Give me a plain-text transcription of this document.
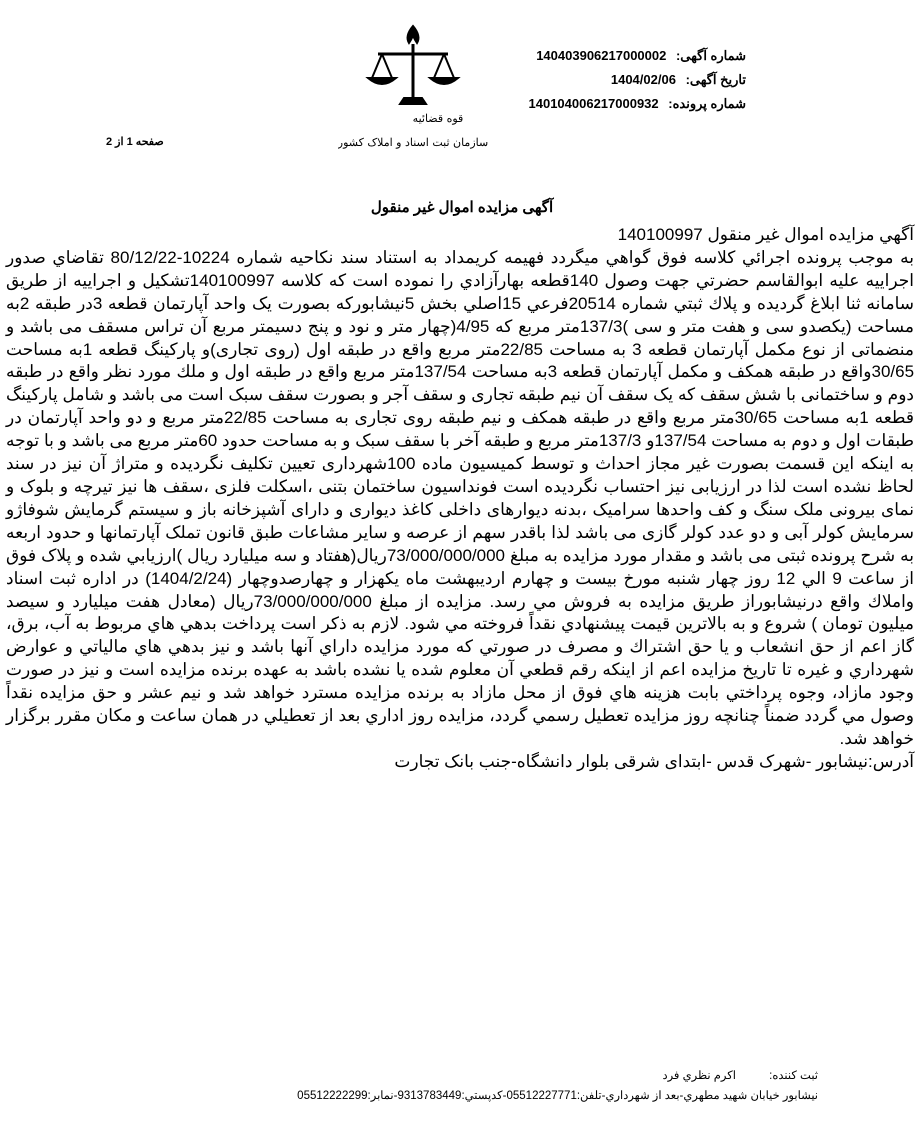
شماره آگهی: 140403906217000002
تاریخ آگهی: 1404/02/06
شماره پرونده: 140104006217000932
قوه قضائیه
سازمان ثبت اسناد و املاک کشور
صفحه 1 از 2
آگهی مزایده اموال غیر منقول

آگهي مزايده اموال غير منقول 140100997

به موجب پرونده اجرائي كلاسه فوق گواهي ميگردد فهيمه كريمداد به استناد سند نكاحيه شماره 10224-80/12/22 تقاضاي صدور اجراييه عليه ابوالقاسم حضرتي جهت وصول 140قطعه بهارآزادي را نموده است كه كلاسه 140100997تشكيل و اجراييه از طريق سامانه ثنا ابلاغ گرديده و پلاك ثبتي شماره 20514فرعي 15اصلي بخش 5نيشابوركه بصورت يک واحد آپارتمان قطعه 3در طبقه 2به مساحت (يكصدو سى و هفت متر و سى )137/3متر مربع که 4/95(چهار متر و نود و پنج دسيمتر مربع آن تراس مسقف می باشد و منضماتی از نوع مکمل آپارتمان قطعه 3 به مساحت 22/85متر مربع واقع در طبقه اول (روی تجاری)و پارکینگ قطعه 1به مساحت 30/65واقع در طبقه همکف و مکمل آپارتمان قطعه 3به مساحت 137/54متر مربع واقع در طبقه اول و ملك مورد نظر واقع در طبقه دوم و ساختمانی با شش سقف كه يک سقف آن نيم طبقه تجاری و سقف آجر و بصورت سقف سبک است می باشد و شامل پارکینگ قطعه 1به مساحت 30/65متر مربع واقع در طبقه همکف و نيم طبقه روی تجاری به مساحت 22/85متر مربع و دو واحد آپارتمان در طبقات اول و دوم به مساحت 137/54و 137/3متر مربع و طبقه آخر با سقف سبک و به مساحت حدود 60متر مربع می باشد و با توجه به اینکه این قسمت بصورت غير مجاز احداث و توسط كميسيون ماده 100شهرداری تعیین تکلیف نگرديده و متراژ آن نيز در سند لحاظ نشده است لذا در ارزيابی نيز احتساب نگرديده است فونداسيون ساختمان بتنی ،اسكلت فلزی ،سقف ها نيز تيرچه و بلوک و نمای بيرونی ملک سنگ و كف واحدها سراميک ،بدنه ديوارهای داخلی كاغذ ديواری و دارای آشپزخانه باز و سيستم گرمايش شوفاژو سرمايش كولر آبی و دو عدد كولر گازی می باشد لذا باقدر سهم از عرصه و ساير مشاعات طبق قانون تملک آپارتمانها و حدود اربعه به شرح پرونده ثبتی می باشد و مقدار مورد مزايده به مبلغ 73/000/000/000ريال(هفتاد و سه ميليارد ريال )ارزيابي شده و پلاک فوق از ساعت 9 الي 12 روز چهار شنبه مورخ بيست و چهارم ارديبهشت ماه يكهزار و چهارصدوچهار (1404/2/24) در اداره ثبت اسناد واملاك واقع درنيشابوراز طريق مزايده به فروش مي رسد. مزايده از مبلغ 73/000/000/000ريال (معادل هفت ميليارد و سيصد ميليون تومان ) شروع و به بالاترين قيمت پيشنهادي نقداً فروخته مي شود. لازم به ذكر است پرداخت بدهي هاي مربوط به آب، برق، گاز اعم از حق انشعاب و يا حق اشتراك و مصرف در صورتي كه مورد مزايده داراي آنها باشد و نيز بدهي هاي مالياتي و عوارض شهرداري و غيره تا تاريخ مزايده اعم از اينكه رقم قطعي آن معلوم شده يا نشده باشد به عهده برنده مزايده است و نيز در صورت وجود مازاد، وجوه پرداختي بابت هزينه هاي فوق از محل مازاد به برنده مزايده مسترد خواهد شد و نيم عشر و حق مزايده نقداً وصول مي گردد ضمناً چنانچه روز مزايده تعطيل رسمي گردد، مزايده روز اداري بعد از تعطيلي در همان ساعت و مكان مقرر برگزار خواهد شد.

آدرس:نیشابور -شهرک قدس -ابتدای شرقی بلوار دانشگاه-جنب بانک تجارت

ثبت كننده: اكرم نظري فرد
نيشابور خيابان شهيد مطهري-بعد از شهرداري-تلفن:05512227771-كدپستي:9313783449-نمابر:05512222299
